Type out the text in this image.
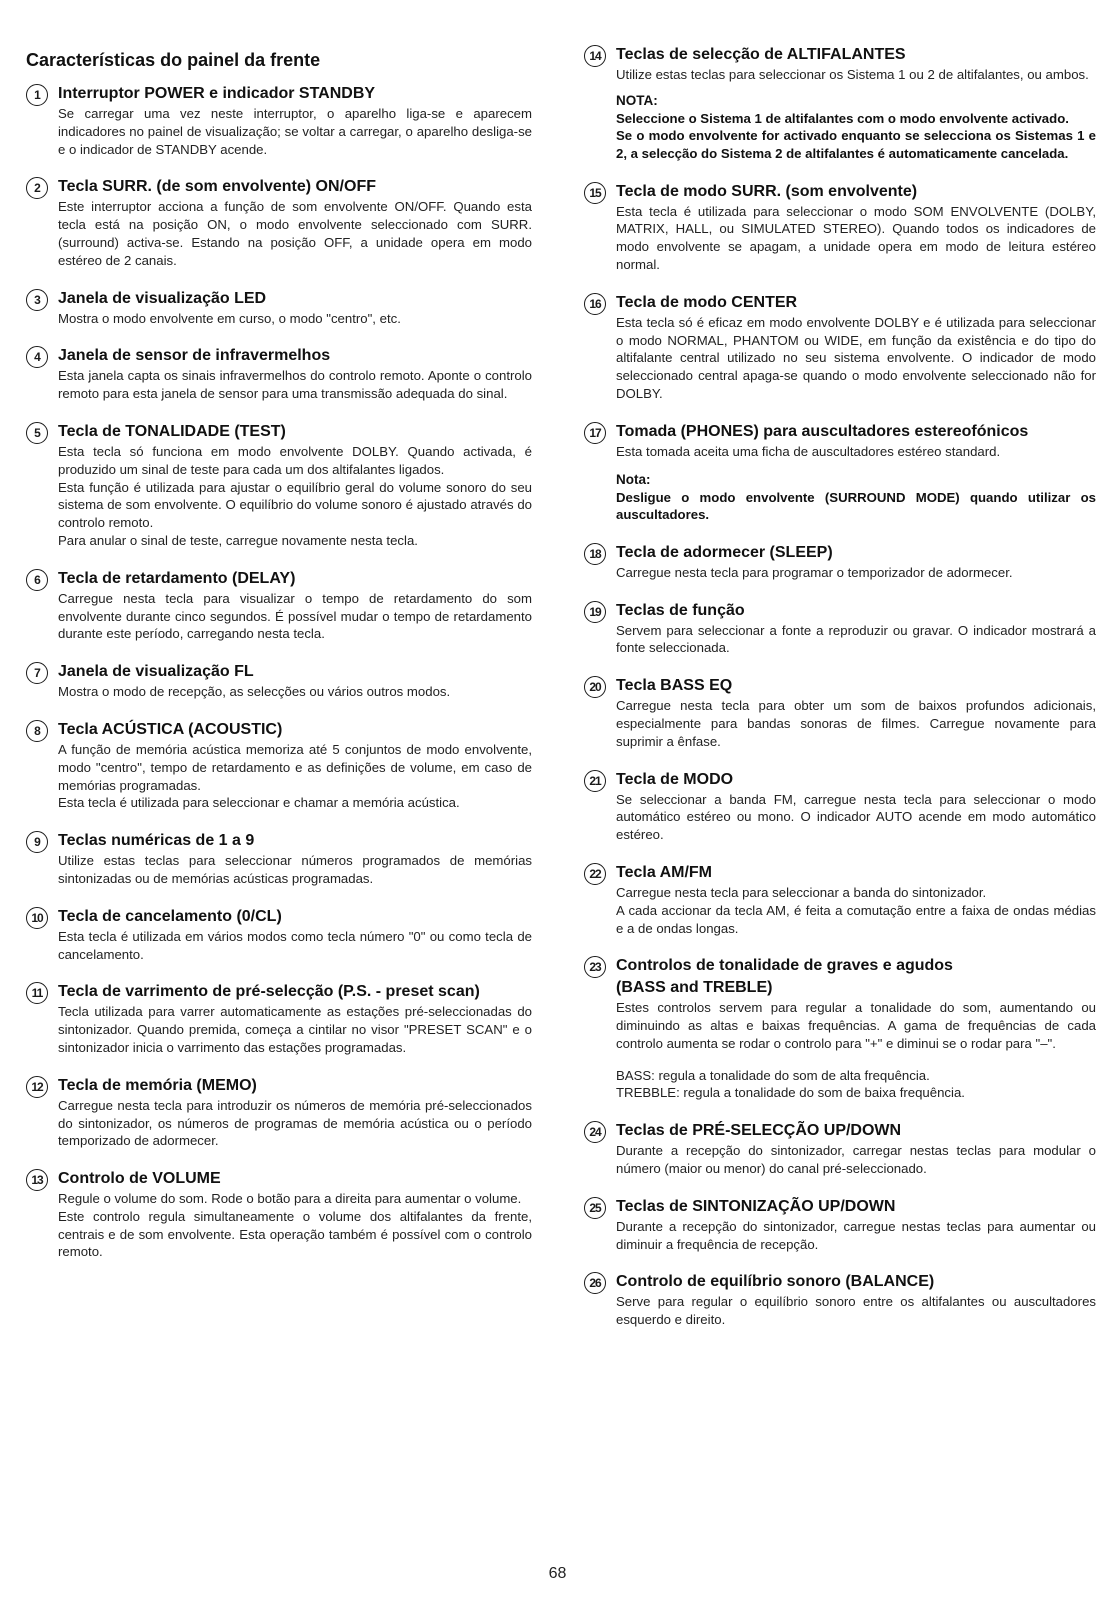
Características do painel da frente
1	Interruptor POWER e indicador STANDBY

Se carregar uma vez neste interruptor, o aparelho liga-se e aparecem indicadores no painel de visualização; se voltar a carregar, o aparelho desliga-se e o indicador de STANDBY acende.

2	Tecla SURR. (de som envolvente) ON/OFF

Este interruptor acciona a função de som envolvente ON/OFF. Quando esta tecla está na posição ON, o modo envolvente seleccionado com SURR. (surround) activa-se. Estando na posição OFF, a unidade opera em modo estéreo de 2 canais.

3	Janela de visualização LED

Mostra o modo envolvente em curso, o modo "centro", etc.

4	Janela de sensor de infravermelhos

Esta janela capta os sinais infravermelhos do controlo remoto. Aponte o controlo remoto para esta janela de sensor para uma transmissão adequada do sinal.

5	Tecla de TONALIDADE (TEST)

Esta tecla só funciona em modo envolvente DOLBY. Quando activada, é produzido um sinal de teste para cada um dos altifalantes ligados.

Esta função é utilizada para ajustar o equilíbrio geral do volume sonoro do seu sistema de som envolvente. O equilíbrio do volume sonoro é ajustado através do controlo remoto.

Para anular o sinal de teste, carregue novamente nesta tecla.

6	Tecla de retardamento (DELAY)

Carregue nesta tecla para visualizar o tempo de retardamento do som envolvente durante cinco segundos. É possível mudar o tempo de retardamento durante este período, carregando nesta tecla.

7	Janela de visualização FL

Mostra o modo de recepção, as selecções ou vários outros modos.

8	Tecla ACÚSTICA (ACOUSTIC)

A função de memória acústica memoriza até 5 conjuntos de modo envolvente, modo "centro", tempo de retardamento e as definições de volume, em caso de memórias programadas.

Esta tecla é utilizada para seleccionar e chamar a memória acústica.

9	Teclas numéricas de 1 a 9

Utilize estas teclas para seleccionar números programados de memórias sintonizadas ou de memórias acústicas programadas.

10 Tecla de cancelamento (0/CL)

Esta tecla é utilizada em vários modos como tecla número "0" ou como tecla de cancelamento.

11 Tecla de varrimento de pré-selecção (P.S. - preset scan)

Tecla utilizada para varrer automaticamente as estações pré-seleccionadas do sintonizador. Quando premida, começa a cintilar no visor "PRESET SCAN" e o sintonizador inicia o varrimento das estações programadas.

12 Tecla de memória (MEMO)

Carregue nesta tecla para introduzir os números de memória pré-seleccionados do sintonizador, os números de programas de memória acústica ou o período temporizado de adormecer.

13 Controlo de VOLUME

Regule o volume do som. Rode o botão para a direita para aumentar o volume.

Este controlo regula simultaneamente o volume dos altifalantes da frente, centrais e de som envolvente. Esta operação também é possível com o controlo remoto.

14 Teclas de selecção de ALTIFALANTES

Utilize estas teclas para seleccionar os Sistema 1 ou 2 de altifalantes, ou ambos.

NOTA:

Seleccione o Sistema 1 de altifalantes com o modo envolvente activado.

Se o modo envolvente for activado enquanto se selecciona os Sistemas 1 e 2, a selecção do Sistema 2 de altifalantes é automaticamente cancelada.

15 Tecla de modo SURR. (som envolvente)

Esta tecla é utilizada para seleccionar o modo SOM ENVOLVENTE (DOLBY, MATRIX, HALL, ou SIMULATED STEREO). Quando todos os indicadores de modo envolvente se apagam, a unidade opera em modo de leitura estéreo normal.

16 Tecla de modo CENTER

Esta tecla só é eficaz em modo envolvente DOLBY e é utilizada para seleccionar o modo NORMAL, PHANTOM ou WIDE, em função da existência e do tipo do altifalante central utilizado no seu sistema envolvente. O indicador de modo seleccionado central apaga-se quando o modo envolvente seleccionado não for DOLBY.

17 Tomada (PHONES) para auscultadores estereofónicos

Esta tomada aceita uma ficha de auscultadores estéreo standard.

Nota:

Desligue o modo envolvente (SURROUND MODE) quando utilizar os auscultadores.

18 Tecla de adormecer (SLEEP)

Carregue nesta tecla para programar o temporizador de adormecer.

19 Teclas de função

Servem para seleccionar a fonte a reproduzir ou gravar. O indicador mostrará a fonte seleccionada.

20 Tecla BASS EQ

Carregue nesta tecla para obter um som de baixos profundos adicionais, especialmente para bandas sonoras de filmes. Carregue novamente para suprimir a ênfase.

21 Tecla de MODO

Se seleccionar a banda FM, carregue nesta tecla para seleccionar o modo automático estéreo ou mono. O indicador AUTO acende em modo automático estéreo.

22 Tecla AM/FM

Carregue nesta tecla para seleccionar a banda do sintonizador.

A cada accionar da tecla AM, é feita a comutação entre a faixa de ondas médias e a de ondas longas.

23 Controlos de tonalidade de graves e agudos
(BASS and TREBLE)

Estes controlos servem para regular a tonalidade do som, aumentando ou diminuindo as altas e baixas frequências. A gama de frequências de cada controlo aumenta se rodar o controlo para "+" e diminui se o rodar para "–".

BASS: regula a tonalidade do som de alta frequência.

TREBBLE: regula a tonalidade do som de baixa frequência.

24 Teclas de PRÉ-SELECÇÃO UP/DOWN

Durante a recepção do sintonizador, carregar nestas teclas para modular o número (maior ou menor) do canal pré-seleccionado.

25 Teclas de SINTONIZAÇÃO UP/DOWN

Durante a recepção do sintonizador, carregue nestas teclas para aumentar ou diminuir a frequência de recepção.

26 Controlo de equilíbrio sonoro (BALANCE)

Serve para regular o equilíbrio sonoro entre os altifalantes ou auscultadores esquerdo e direito.

68
